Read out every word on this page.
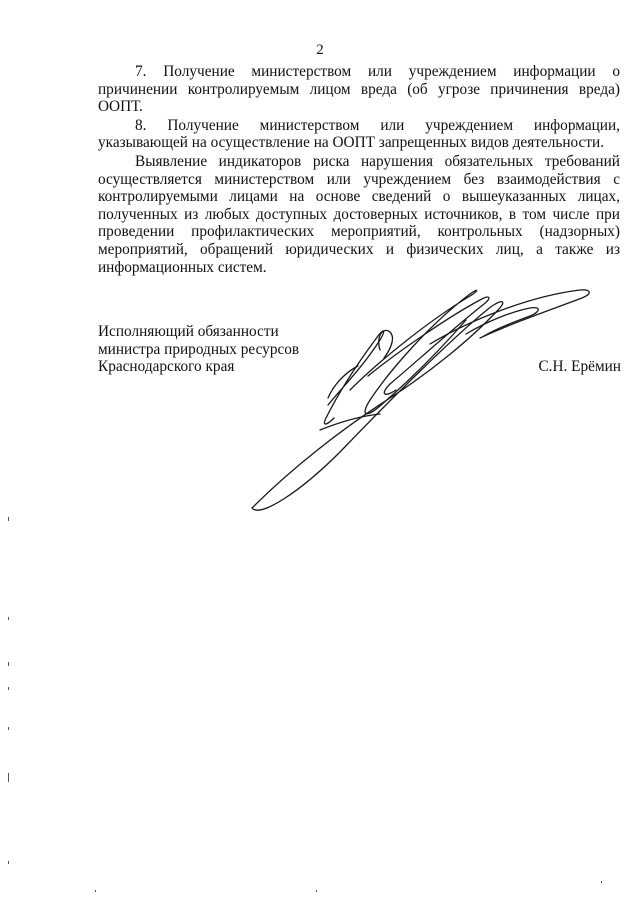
2

7. Получение министерством или учреждением информации о причинении контролируемым лицом вреда (об угрозе причинения вреда) ООПТ.

8. Получение министерством или учреждением информации, указывающей на осуществление на ООПТ запрещенных видов деятельности.

Выявление индикаторов риска нарушения обязательных требований осуществляется министерством или учреждением без взаимодействия с контролируемыми лицами на основе сведений о вышеуказанных лицах, полученных из любых доступных достоверных источников, в том числе при проведении профилактических мероприятий, контрольных (надзорных) мероприятий, обращений юридических и физических лиц, а также из информационных систем.

Исполняющий обязанности
министра природных ресурсов
Краснодарского края	С.Н. Ерёмин
